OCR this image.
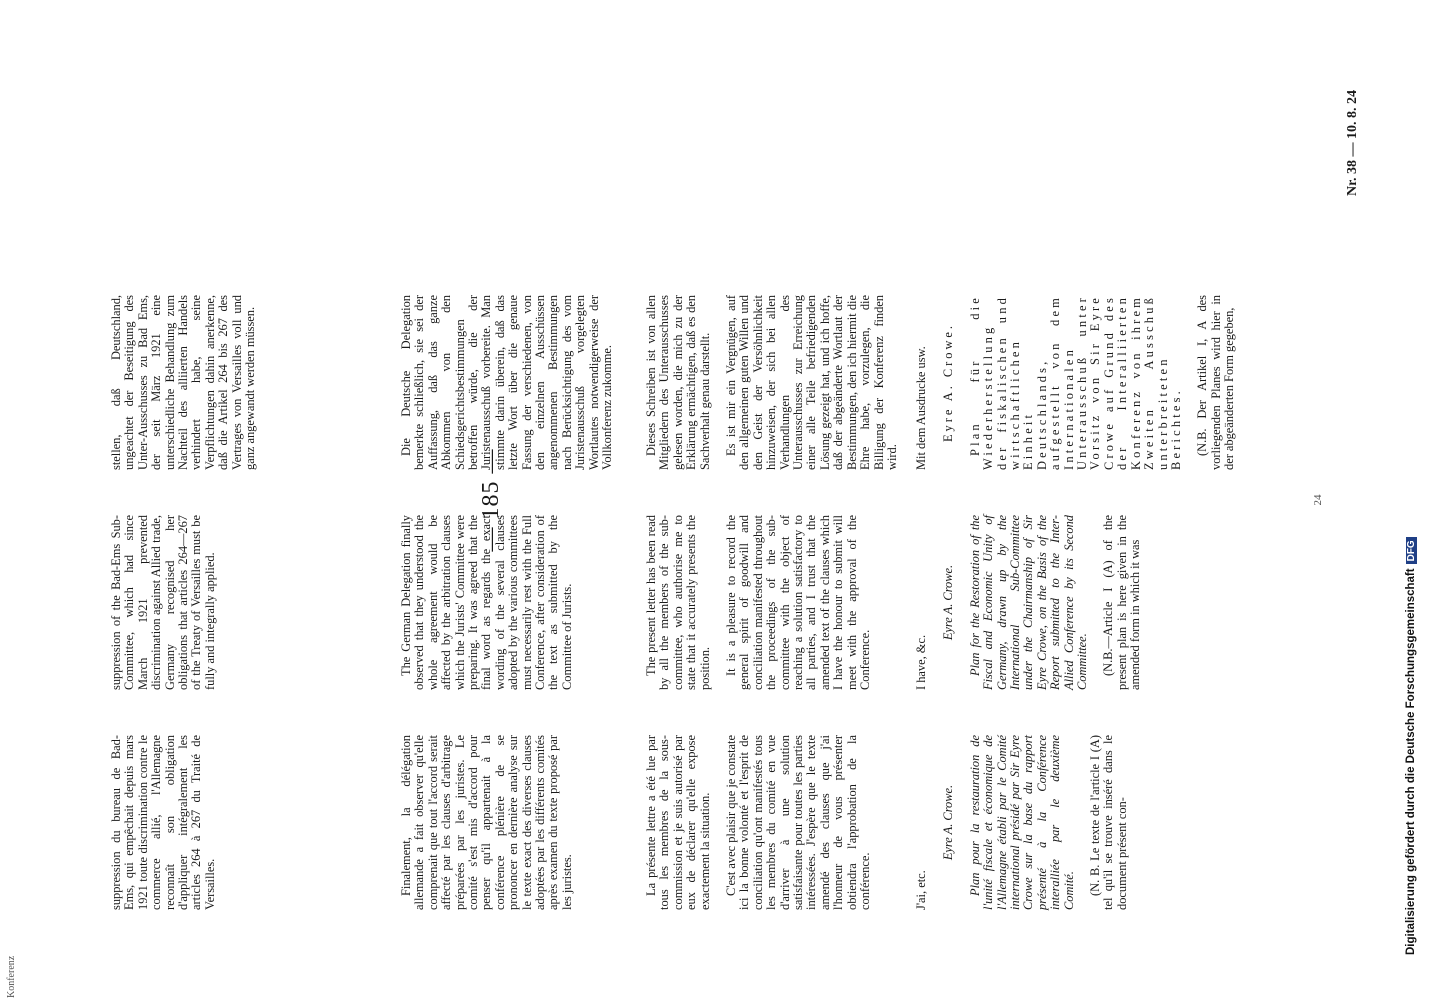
Konferenz
— 185 —
Nr. 38 — 10. 8. 24
24
Digitalisierung gefördert durch die Deutsche ForschungsgemeinschaftDFG

suppression du bureau de Bad-Ems, qui empêchait depuis mars 1921 toute discrimination contre le commerce allié, l'Allemagne reconnaît son obligation d'appliquer intégralement les articles 264 à 267 du Traité de Versailles.	Finalement, la délégation allemande a fait observer qu'elle comprenait que tout l'accord serait affecté par les clauses d'arbitrage préparées par les juristes. Le comité s'est mis d'accord pour penser qu'il appartenait à la conférence plénière de se prononcer en dernière analyse sur le texte exact des diverses clauses adoptées par les différents comités après examen du texte proposé par les juristes.	La présente lettre a été lue par tous les membres de la sous-commission et je suis autorisé par eux de déclarer qu'elle expose exactement la situation. C'est avec plaisir que je constate ici la bonne volonté et l'esprit de conciliation qu'ont manifestés tous les membres du comité en vue d'arriver à une solution satisfaisante pour toutes les parties intéressées. J'espère que le texte amendé des clauses que j'ai l'honneur de vous présenter obtiendra l'approbation de la conférence.	J'ai, etc.

Eyre A. Crowe. Plan pour la restauration de l'unité fiscale et économique de l'Allemagne établi par le Comité international présidé par Sir Eyre Crowe sur la base du rapport présenté à la Conférence interalliée par le deuxième Comité. (N. B. Le texte de l'article I (A) tel qu'il se trouve inséré dans le document présent con-

suppression of the Bad-Ems Sub-Committee, which had since March 1921 prevented discrimination against Allied trade, Germany recognised her obligations that articles 264—267 of the Treaty of Versailles must be fully and integrally applied.	The German Delegation finally observed that they understood the whole agreement would be affected by the arbitration clauses which the Jurists' Committee were preparing. It was agreed that the final word as regards the exact wording of the several clauses adopted by the various committees must necessarily rest with the Full Conference, after consideration of the text as submitted by the Committee of Jurists.	The present letter has been read by all the members of the sub-committee, who authorise me to state that it accurately presents the position. It is a pleasure to record the general spirit of goodwill and conciliation manifested throughout the proceedings of the sub-committee with the object of reaching a solution satisfactory to all parties, and I trust that the amended text of the clauses which I have the honour to submit will meet with the approval of the Conference.	I have, &c.

Eyre A. Crowe. Plan for the Restoration of the Fiscal and Economic Unity of Germany, drawn up by the International Sub-Committee under the Chairmanship of Sir Eyre Crowe, on the Basis of the Report submitted to the Inter-Allied Conference by its Second Committee. (N.B.—Article I (A) of the present plan is here given in the amended form in which it was

stellen, daß Deutschland, ungeachtet der Beseitigung des Unter-Ausschusses zu Bad Ems, der seit März 1921 eine unterschiedliche Behandlung zum Nachteil des alliierten Handels verhindert habe, seine Verpflichtungen dahin anerkenne, daß die Artikel 264 bis 267 des Vertrages von Versailles voll und ganz angewandt werden müssen.	Die Deutsche Delegation bemerkte schließlich, sie sei der Auffassung, daß das ganze Abkommen von den Schiedsgerichtsbestimmungen betroffen würde, die der Juristenausschuß vorbereite. Man stimmte darin überein, daß das letzte Wort über die genaue Fassung der verschiedenen, von den einzelnen Ausschüssen angenommenen Bestimmungen nach Berücksichtigung des vom Juristenausschuß vorgelegten Wortlautes notwendigerweise der Vollkonferenz zukomme. Dieses Schreiben ist von allen Mitgliedern des Unterausschusses gelesen worden, die mich zu der Erklärung ermächtigen, daß es den Sachverhalt genau darstellt. Es ist mir ein Vergnügen, auf den allgemeinen guten Willen und den Geist der Versöhnlichkeit hinzuweisen, der sich bei allen Verhandlungen des Unterausschusses zur Erreichung einer alle Teile befriedigenden Lösung gezeigt hat, und ich hoffe, daß der abgeänderte Wortlaut der Bestimmungen, den ich hiermit die Ehre habe, vorzulegen, die Billigung der Konferenz finden wird. Mit dem Ausdrucke usw. Eyre A. Crowe. Plan für die Wiederherstellung der fiskalischen und wirtschaftlichen Einheit Deutschlands, aufgestellt von dem Internationalen Unterausschuß unter Vorsitz von Sir Eyre Crowe auf Grund des der Interalliierten Konferenz von ihrem Zweiten Ausschuß unterbreiteten Berichtes. (N.B. Der Artikel I, A des vorliegenden Planes wird hier in der abgeänderten Form gegeben,
